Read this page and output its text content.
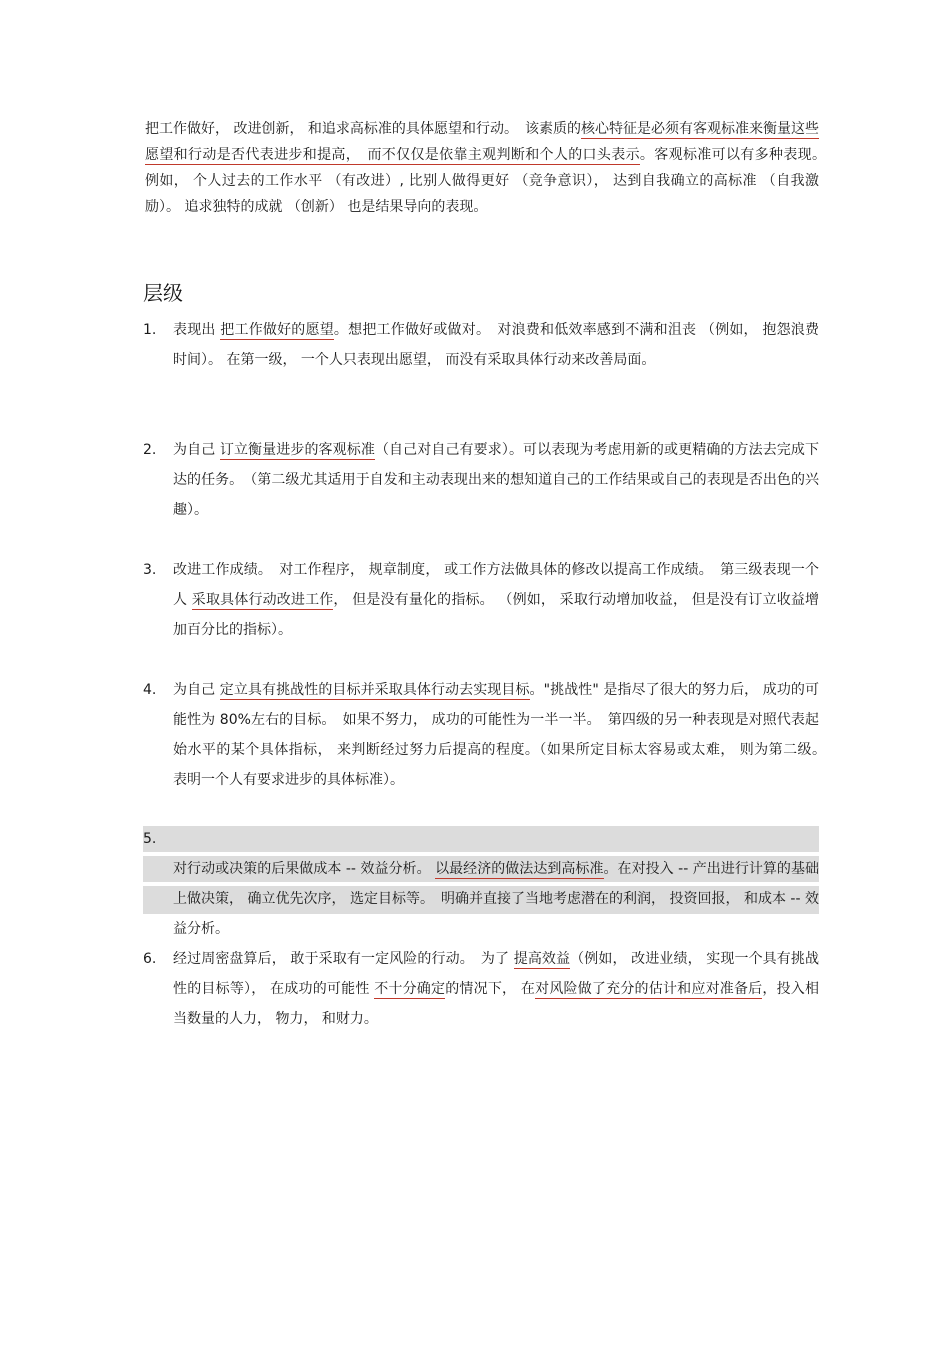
把工作做好， 改进创新， 和追求高标准的具体愿望和行动。　该素质的核心特征是必须有客观标准来衡量这些愿望和行动是否代表进步和提高，　而不仅仅是依靠主观判断和个人的口头表示。客观标准可以有多种表现。　例如， 个人过去的工作水平 （有改进）, 比别人做得更好 （竞争意识）， 达到自我确立的高标准 （自我激励）。 追求独特的成就 （创新） 也是结果导向的表现。

层级
1.	表现出 把工作做好的愿望。想把工作做好或做对。　对浪费和低效率感到不满和沮丧 （例如， 抱怨浪费时间）。 在第一级， 一个人只表现出愿望， 而没有采取具体行动来改善局面。
2.	为自己 订立衡量进步的客观标准（自己对自己有要求）。可以表现为考虑用新的或更精确的方法去完成下达的任务。　（第二级尤其适用于自发和主动表现出来的想知道自己的工作结果或自己的表现是否出色的兴趣）。
3.	改进工作成绩。　对工作程序， 规章制度， 或工作方法做具体的修改以提高工作成绩。　第三级表现一个人 采取具体行动改进工作， 但是没有量化的指标。 （例如， 采取行动增加收益， 但是没有订立收益增加百分比的指标）。
4.	为自己 定立具有挑战性的目标并采取具体行动去实现目标。"挑战性" 是指尽了很大的努力后， 成功的可能性为 80%左右的目标。　如果不努力， 成功的可能性为一半一半。　第四级的另一种表现是对照代表起始水平的某个具体指标， 来判断经过努力后提高的程度。（如果所定目标太容易或太难， 则为第二级。　表明一个人有要求进步的具体标准）。
5.
对行动或决策的后果做成本 -- 效益分析。 以最经济的做法达到高标准。在对投入 -- 产出进行计算的基础上做决策， 确立优先次序， 选定目标等。　明确并直接了当地考虑潜在的利润， 投资回报， 和成本 -- 效益分析。
6.	经过周密盘算后， 敢于采取有一定风险的行动。　为了 提高效益（例如， 改进业绩， 实现一个具有挑战性的目标等）， 在成功的可能性 不十分确定的情况下， 在对风险做了充分的估计和应对准备后，投入相当数量的人力， 物力， 和财力。
